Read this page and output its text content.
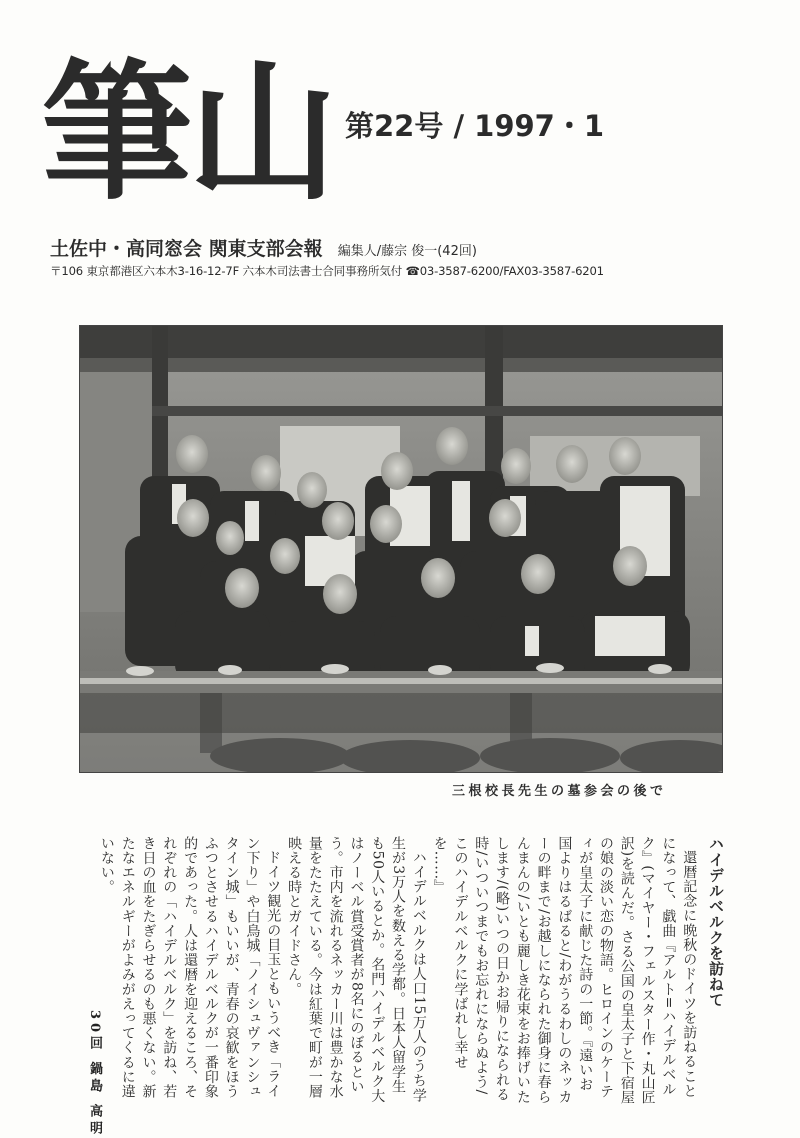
筆山 第22号 / 1997・1
土佐中・高同窓会 関東支部会報 編集人/藤宗 俊一(42回)
〒106 東京都港区六本木3-16-12-7F 六本木司法書士合同事務所気付 ☎03-3587-6200/FAX03-3587-6201
三根校長先生の墓参会の後で

ハイデルベルクを訪ねて

還暦記念に晩秋のドイツを訪ねることになって、戯曲『アルト=ハイデルベルク』(マイヤー・フェルスター作・丸山匠訳)を読んだ。さる公国の皇太子と下宿屋の娘の淡い恋の物語。ヒロインのケーティが皇太子に献じた詩の一節。『遠いお国よりはるばると/わがうるわしのネッカーの畔まで/お越しになられた御身に春らんまんの/いとも麗しき花束をお捧げいたします/(略)いつの日かお帰りになられる時/いついつまでもお忘れにならぬよう/このハイデルベルクに学ばれし幸せを……』

ハイデルベルクは人口15万人のうち学生が3万人を数える学都。日本人留学生も50人いるとか。名門ハイデルベルク大はノーベル賞受賞者が8名にのぼるという。市内を流れるネッカー川は豊かな水量をたたえている。今は紅葉で町が一層映える時とガイドさん。

ドイツ観光の目玉ともいうべき「ライン下り」や白鳥城「ノイシュヴァンシュタイン城」もいいが、青春の哀歓をほうふつとさせるハイデルベルクが一番印象的であった。人は還暦を迎えるころ、それぞれの「ハイデルベルク」を訪ね、若き日の血をたぎらせるのも悪くない。新たなエネルギーがよみがえってくるに違いない。

30回 鍋島 高明
